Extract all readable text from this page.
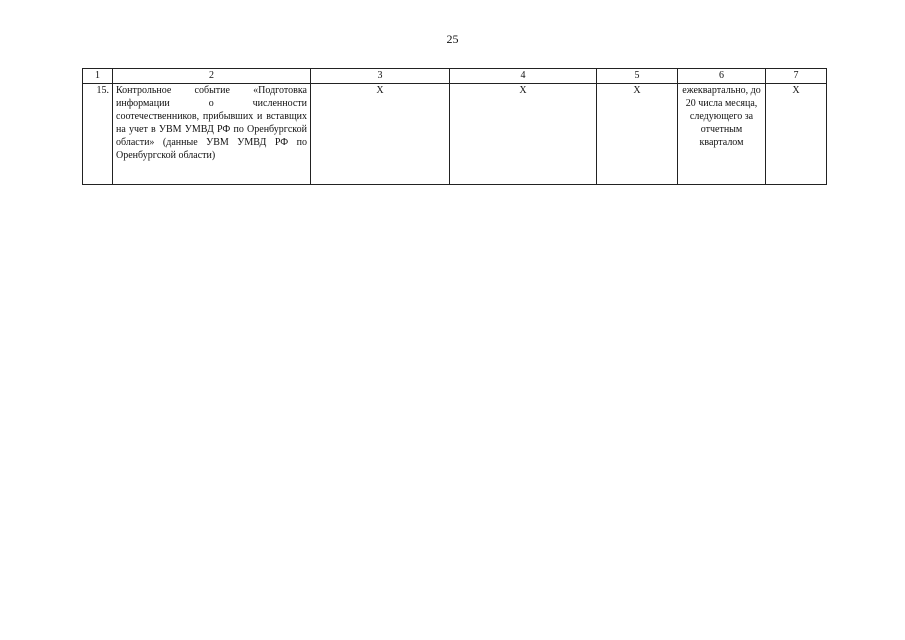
25
1	2	3	4	5	6	7
15.	Контрольное событие «Подготовка информации о численности соотечественников, прибывших и вставщих на учет в УВМ УМВД РФ по Оренбургской области» (данные УВМ УМВД РФ по Оренбургской области)	X	X	X	ежеквартально, до 20 числа месяца, следующего за отчетным кварталом	X
